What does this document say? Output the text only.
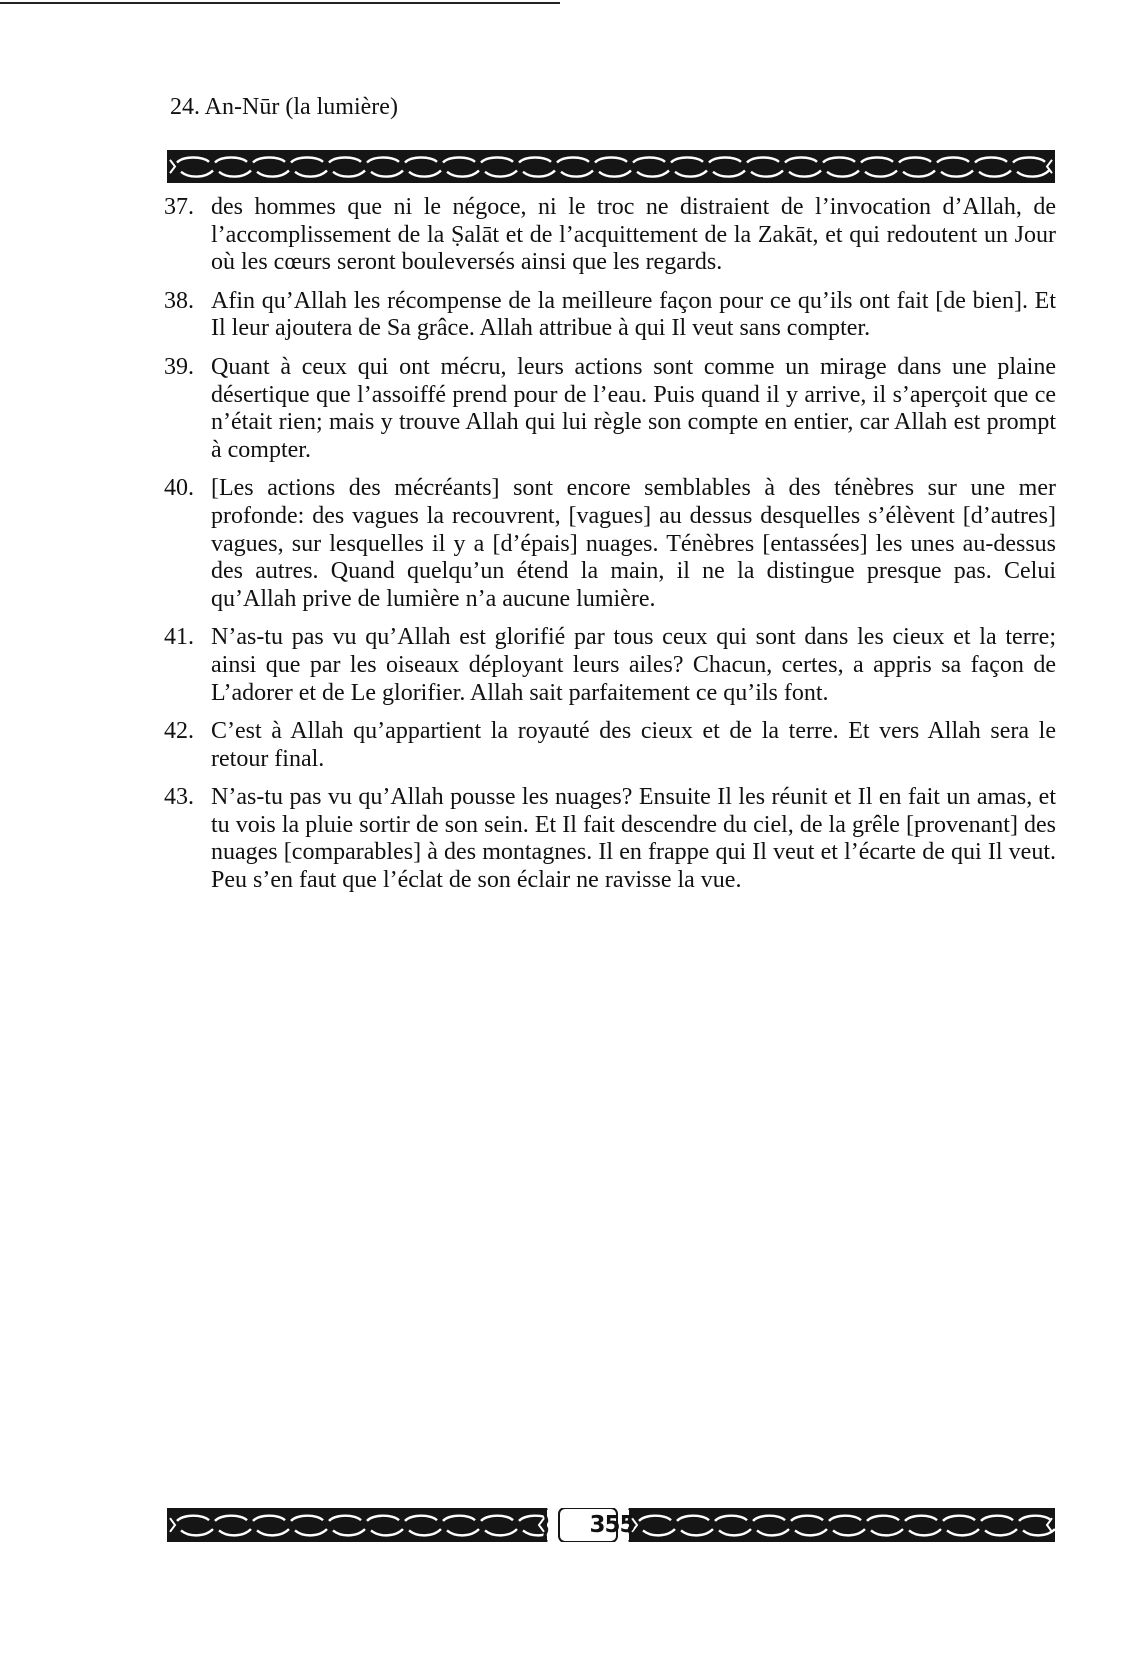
24. An-Nūr (la lumière)
37. des hommes que ni le négoce, ni le troc ne distraient de l’invocation d’Allah, de l’accomplissement de la Ṣalāt et de l’acquittement de la Zakāt, et qui redoutent un Jour où les cœurs seront bouleversés ainsi que les regards.
38. Afin qu’Allah les récompense de la meilleure façon pour ce qu’ils ont fait [de bien]. Et Il leur ajoutera de Sa grâce. Allah attribue à qui Il veut sans compter.
39. Quant à ceux qui ont mécru, leurs actions sont comme un mirage dans une plaine désertique que l’assoiffé prend pour de l’eau. Puis quand il y arrive, il s’aperçoit que ce n’était rien; mais y trouve Allah qui lui règle son compte en entier, car Allah est prompt à compter.
40. [Les actions des mécréants] sont encore semblables à des ténèbres sur une mer profonde: des vagues la recouvrent, [vagues] au dessus desquelles s’élèvent [d’autres] vagues, sur lesquelles il y a [d’épais] nuages. Ténèbres [entassées] les unes au-dessus des autres. Quand quelqu’un étend la main, il ne la distingue presque pas. Celui qu’Allah prive de lumière n’a aucune lumière.
41. N’as-tu pas vu qu’Allah est glorifié par tous ceux qui sont dans les cieux et la terre; ainsi que par les oiseaux déployant leurs ailes? Chacun, certes, a appris sa façon de L’adorer et de Le glorifier. Allah sait parfaitement ce qu’ils font.
42. C’est à Allah qu’appartient la royauté des cieux et de la terre. Et vers Allah sera le retour final.
43. N’as-tu pas vu qu’Allah pousse les nuages? Ensuite Il les réunit et Il en fait un amas, et tu vois la pluie sortir de son sein. Et Il fait descendre du ciel, de la grêle [provenant] des nuages [comparables] à des montagnes. Il en frappe qui Il veut et l’écarte de qui Il veut. Peu s’en faut que l’éclat de son éclair ne ravisse la vue.
355
